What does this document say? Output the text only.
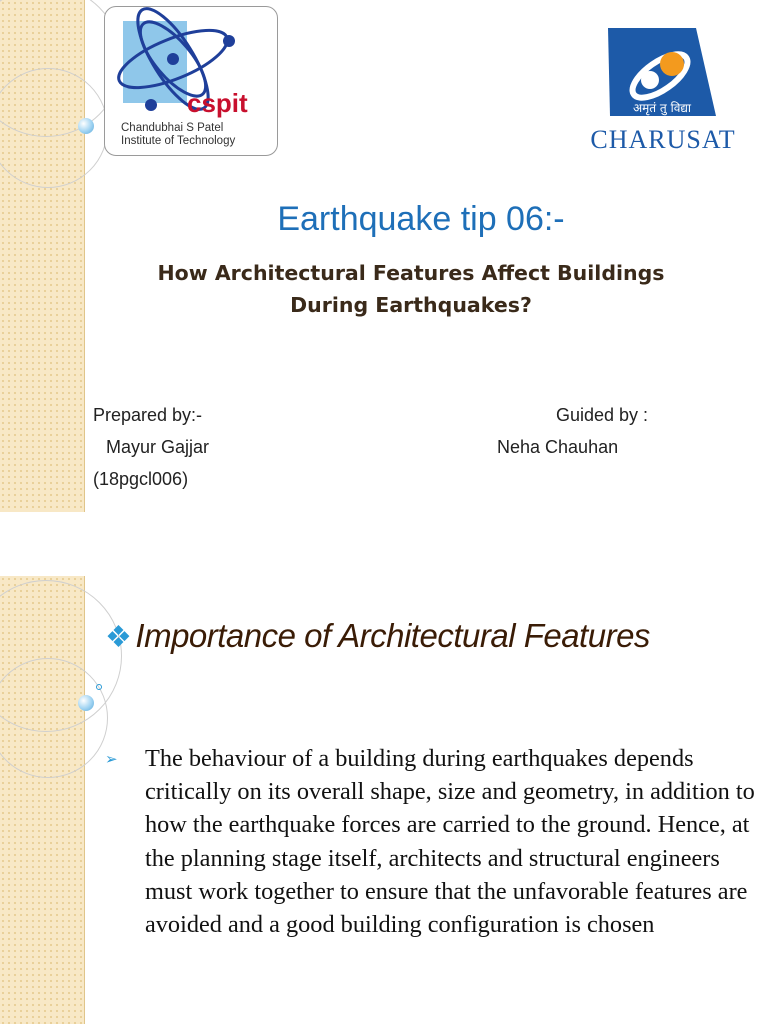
cspit
Chandubhai S Patel
Institute of Technology
अमृतं तु विद्या
CHARUSAT
Earthquake tip 06:-
How Architectural Features Affect Buildings
During Earthquakes?
Prepared by:-
Mayur Gajjar
(18pgcl006)
Guided by :
Neha Chauhan
❖ Importance of Architectural Features
➢ The behaviour of a building during earthquakes depends critically on its overall shape, size and geometry, in addition to how the earthquake forces are carried to the ground. Hence, at the planning stage itself, architects and structural engineers must work together to ensure that the unfavorable features are avoided and a good building configuration is chosen
